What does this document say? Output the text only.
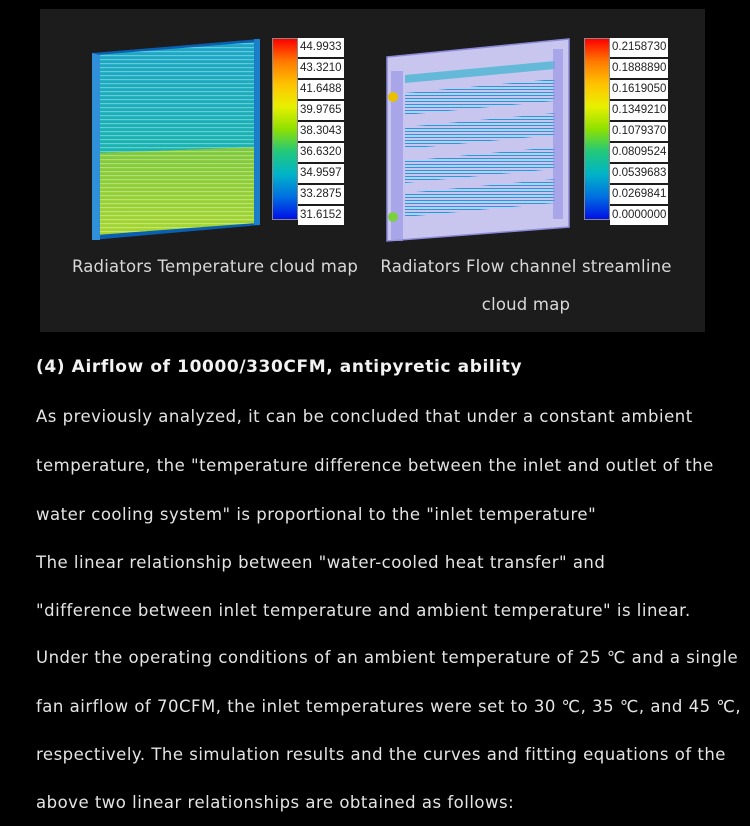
44.9933
43.3210
41.6488
39.9765
38.3043
36.6320
34.9597
33.2875
31.6152
0.2158730
0.1888890
0.1619050
0.1349210
0.1079370
0.0809524
0.0539683
0.0269841
0.0000000
Radiators Temperature cloud map	Radiators Flow channel streamline
cloud map
(4) Airflow of 10000/330CFM, antipyretic ability
As previously analyzed, it can be concluded that under a constant ambient
temperature, the "temperature difference between the inlet and outlet of the
water cooling system" is proportional to the "inlet temperature"
The linear relationship between "water-cooled heat transfer" and
"difference between inlet temperature and ambient temperature" is linear.
Under the operating conditions of an ambient temperature of 25 ℃ and a single
fan airflow of 70CFM, the inlet temperatures were set to 30 ℃, 35 ℃, and 45 ℃,
respectively. The simulation results and the curves and fitting equations of the
above two linear relationships are obtained as follows:
